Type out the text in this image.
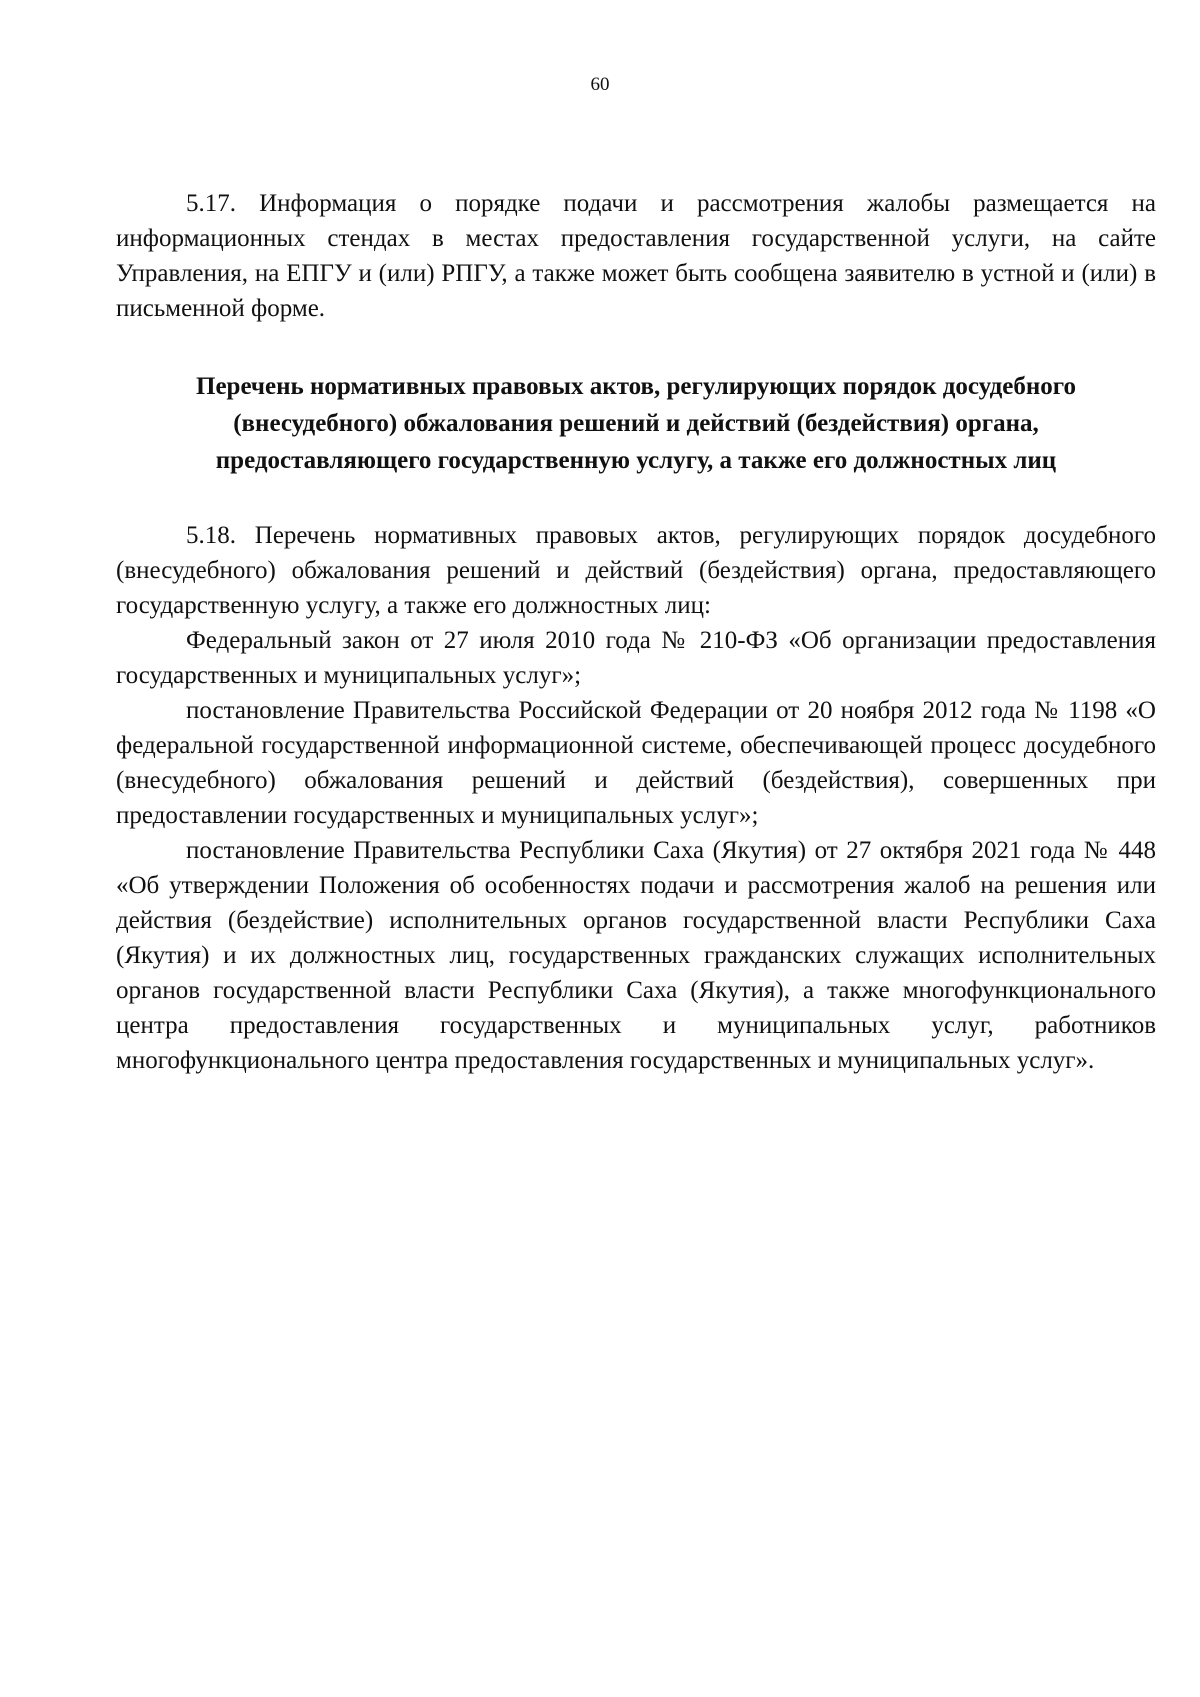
60

5.17. Информация о порядке подачи и рассмотрения жалобы размещается на информационных стендах в местах предоставления государственной услуги, на сайте Управления, на ЕПГУ и (или) РПГУ, а также может быть сообщена заявителю в устной и (или) в письменной форме.

Перечень нормативных правовых актов, регулирующих порядок досудебного
(внесудебного) обжалования решений и действий (бездействия) органа,
предоставляющего государственную услугу, а также его должностных лиц

5.18. Перечень нормативных правовых актов, регулирующих порядок досудебного (внесудебного) обжалования решений и действий (бездействия) органа, предоставляющего государственную услугу, а также его должностных лиц:

Федеральный закон от 27 июля 2010 года № 210-ФЗ «Об организации предоставления государственных и муниципальных услуг»;

постановление Правительства Российской Федерации от 20 ноября 2012 года № 1198 «О федеральной государственной информационной системе, обеспечивающей процесс досудебного (внесудебного) обжалования решений и действий (бездействия), совершенных при предоставлении государственных и муниципальных услуг»;

постановление Правительства Республики Саха (Якутия) от 27 октября 2021 года № 448 «Об утверждении Положения об особенностях подачи и рассмотрения жалоб на решения или действия (бездействие) исполнительных органов государственной власти Республики Саха (Якутия) и их должностных лиц, государственных гражданских служащих исполнительных органов государственной власти Республики Саха (Якутия), а также многофункционального центра предоставления государственных и муниципальных услуг, работников многофункционального центра предоставления государственных и муниципальных услуг».
